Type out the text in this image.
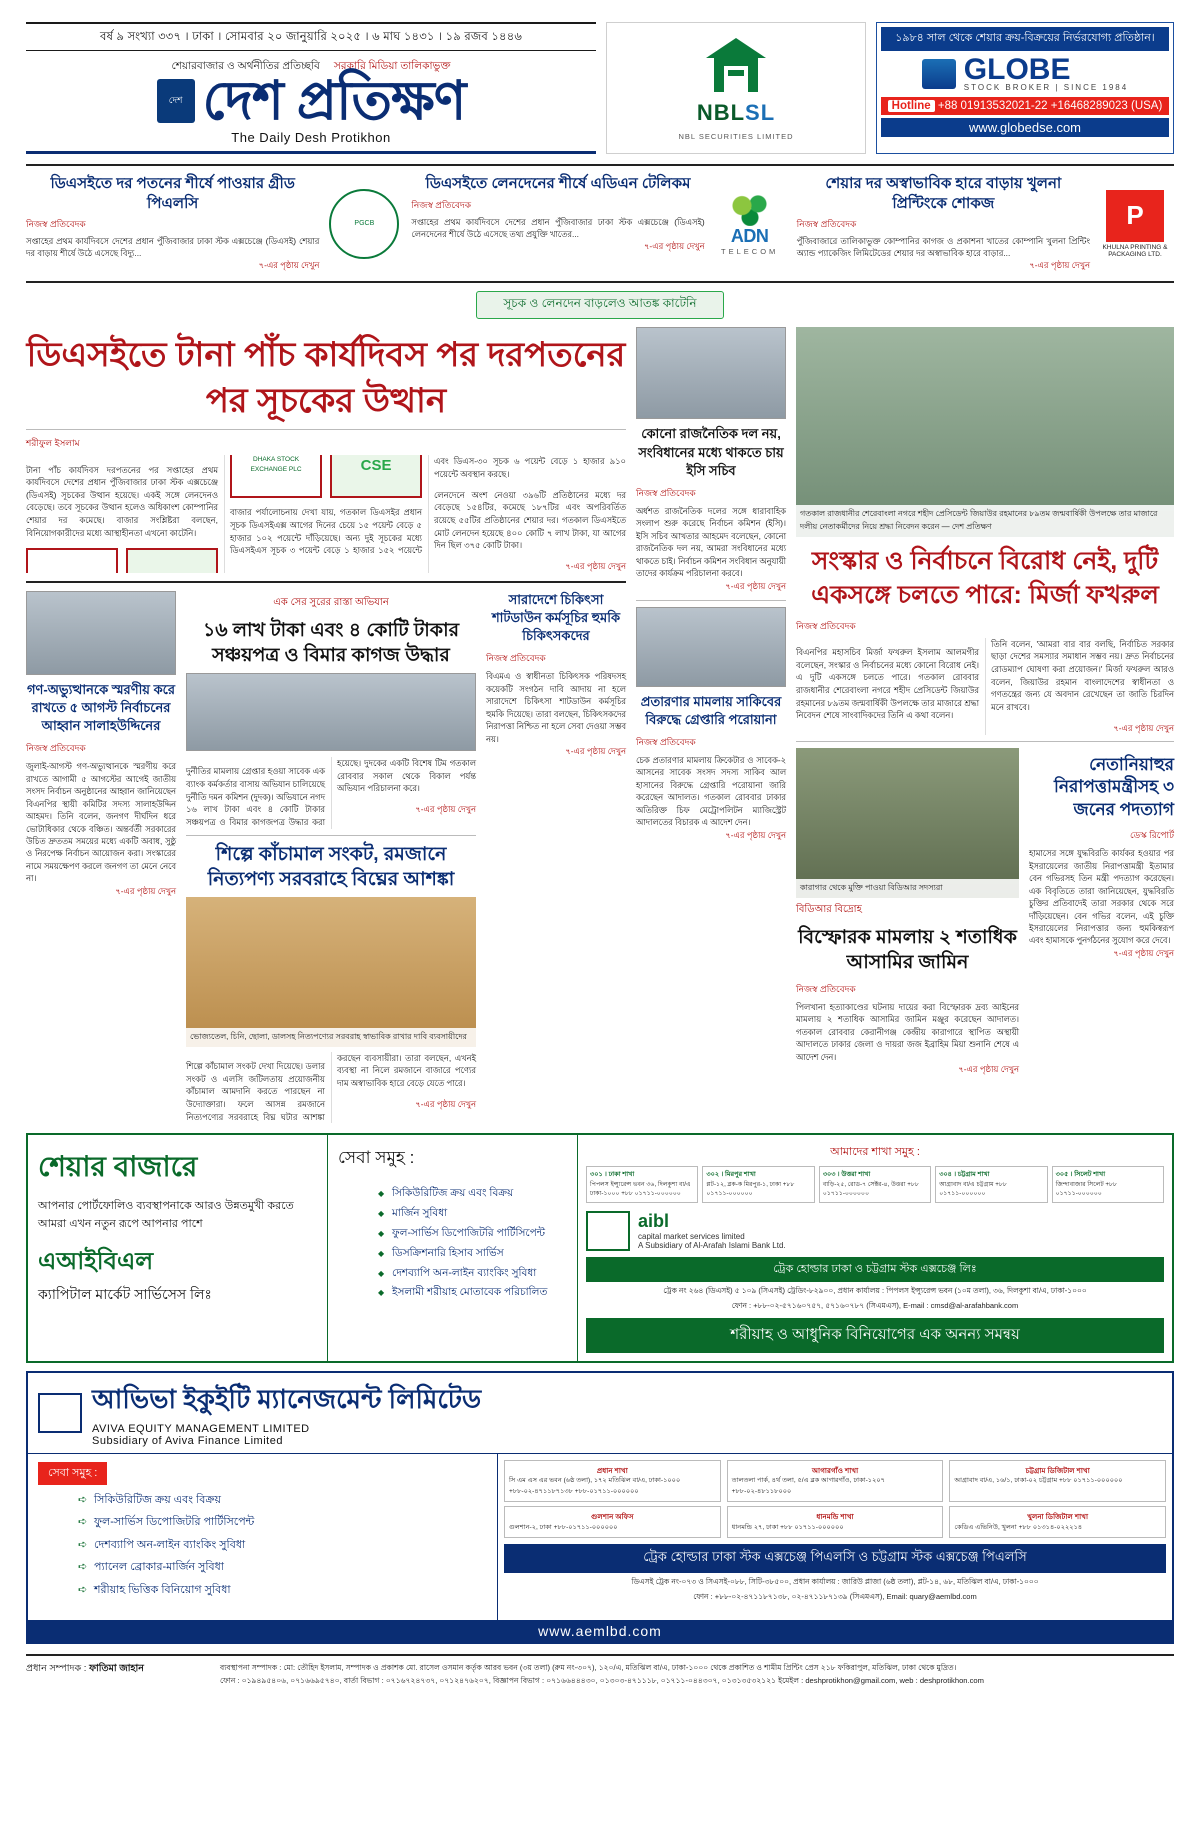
বর্ষ ৯ সংখ্যা ৩৩৭ । ঢাকা । সোমবার ২০ জানুয়ারি ২০২৫ । ৬ মাঘ ১৪৩১ । ১৯ রজব ১৪৪৬
শেয়ারবাজার ও অর্থনীতির প্রতিচ্ছবি সরকারি মিডিয়া তালিকাভুক্ত
দেশ দেশ প্রতিক্ষণ
The Daily Desh Protikhon
NBLSL
NBL SECURITIES LIMITED
১৯৮৪ সাল থেকে শেয়ার ক্রয়-বিক্রয়ের নির্ভরযোগ্য প্রতিষ্ঠান।
GLOBE
STOCK BROKER | SINCE 1984
Hotline +88 01913532021-22 +16468289023 (USA)
www.globedse.com
ডিএসইতে দর পতনের শীর্ষে পাওয়ার গ্রীড পিএলসি
নিজস্ব প্রতিবেদক
সপ্তাহের প্রথম কার্যদিবসে দেশের প্রধান পুঁজিবাজার ঢাকা স্টক এক্সচেঞ্জে (ডিএসই) শেয়ার দর বাড়ায় শীর্ষে উঠে এসেছে বিদ্যু...
৭-এর পৃষ্ঠায় দেখুন
PGCB
ডিএসইতে লেনদেনের শীর্ষে এডিএন টেলিকম
নিজস্ব প্রতিবেদক
সপ্তাহের প্রথম কার্যদিবসে দেশের প্রধান পুঁজিবাজার ঢাকা স্টক এক্সচেঞ্জে (ডিএসই) লেনদেনের শীর্ষে উঠে এসেছে তথ্য প্রযুক্তি খাতের...
৭-এর পৃষ্ঠায় দেখুন
ADN
TELECOM
শেয়ার দর অস্বাভাবিক হারে বাড়ায় খুলনা প্রিন্টিংকে শোকজ
নিজস্ব প্রতিবেদক
পুঁজিবাজারে তালিকাভুক্ত কোম্পানির কাগজ ও প্রকাশনা খাতের কোম্পানি খুলনা প্রিন্টিং অ্যান্ড প্যাকেজিং লিমিটেডের শেয়ার দর অস্বাভাবিক হারে বাড়ার...
৭-এর পৃষ্ঠায় দেখুন
P
KHULNA PRINTING & PACKAGING LTD.
সূচক ও লেনদেন বাড়লেও আতঙ্ক কাটেনি
ডিএসইতে টানা পাঁচ কার্যদিবস পর দরপতনের পর সূচকের উত্থান
শরীফুল ইসলাম

টানা পাঁচ কার্যদিবস দরপতনের পর সপ্তাহের প্রথম কার্যদিবসে দেশের প্রধান পুঁজিবাজার ঢাকা স্টক এক্সচেঞ্জে (ডিএসই) সূচকের উত্থান হয়েছে। একই সঙ্গে লেনদেনও বেড়েছে। তবে সূচকের উত্থান হলেও অধিকাংশ কোম্পানির শেয়ার দর কমেছে। বাজার সংশ্লিষ্টরা বলছেন, বিনিয়োগকারীদের মধ্যে আস্থাহীনতা এখনো কাটেনি।

DHAKA STOCK EXCHANGE PLC	CSE

বাজার পর্যালোচনায় দেখা যায়, গতকাল ডিএসইর প্রধান সূচক ডিএসইএক্স আগের দিনের চেয়ে ১৫ পয়েন্ট বেড়ে ৫ হাজার ১০২ পয়েন্টে দাঁড়িয়েছে। অন্য দুই সূচকের মধ্যে ডিএসইএস সূচক ৩ পয়েন্ট বেড়ে ১ হাজার ১৫২ পয়েন্টে এবং ডিএস-৩০ সূচক ৬ পয়েন্ট বেড়ে ১ হাজার ৯১০ পয়েন্টে অবস্থান করছে।

লেনদেনে অংশ নেওয়া ৩৯৬টি প্রতিষ্ঠানের মধ্যে দর বেড়েছে ১৫৪টির, কমেছে ১৮৭টির এবং অপরিবর্তিত রয়েছে ৫৫টির প্রতিষ্ঠানের শেয়ার দর। গতকাল ডিএসইতে মোট লেনদেন হয়েছে ৪০০ কোটি ৭ লাখ টাকা, যা আগের দিন ছিল ৩৭৫ কোটি টাকা।

৭-এর পৃষ্ঠায় দেখুন
গণ-অভ্যুত্থানকে স্মরণীয় করে রাখতে ৫ আগস্ট নির্বাচনের আহ্বান সালাহউদ্দিনের
নিজস্ব প্রতিবেদক
জুলাই-আগস্ট গণ-অভ্যুত্থানকে স্মরণীয় করে রাখতে আগামী ৫ আগস্টের আগেই জাতীয় সংসদ নির্বাচন অনুষ্ঠানের আহ্বান জানিয়েছেন বিএনপির স্থায়ী কমিটির সদস্য সালাহউদ্দিন আহমদ। তিনি বলেন, জনগণ দীর্ঘদিন ধরে ভোটাধিকার থেকে বঞ্চিত। অন্তর্বর্তী সরকারের উচিত দ্রুততম সময়ের মধ্যে একটি অবাধ, সুষ্ঠু ও নিরপেক্ষ নির্বাচন আয়োজন করা। সংস্কারের নামে সময়ক্ষেপণ করলে জনগণ তা মেনে নেবে না।
৭-এর পৃষ্ঠায় দেখুন
এক সের সুরের রাস্তা অভিযান
১৬ লাখ টাকা এবং ৪ কোটি টাকার সঞ্চয়পত্র ও বিমার কাগজ উদ্ধার

দুর্নীতির মামলায় গ্রেপ্তার হওয়া সাবেক এক ব্যাংক কর্মকর্তার বাসায় অভিযান চালিয়েছে দুর্নীতি দমন কমিশন (দুদক)। অভিযানে নগদ ১৬ লাখ টাকা এবং ৪ কোটি টাকার সঞ্চয়পত্র ও বিমার কাগজপত্র উদ্ধার করা হয়েছে। দুদকের একটি বিশেষ টিম গতকাল রোববার সকাল থেকে বিকাল পর্যন্ত অভিযান পরিচালনা করে।

৭-এর পৃষ্ঠায় দেখুন
শিল্পে কাঁচামাল সংকট, রমজানে নিত্যপণ্য সরবরাহে বিঘ্নের আশঙ্কা
ভোজ্যতেল, চিনি, ছোলা, ডালসহ নিত্যপণ্যের সরবরাহ স্বাভাবিক রাখার দাবি ব্যবসায়ীদের

শিল্পে কাঁচামাল সংকট দেখা দিয়েছে। ডলার সংকট ও এলসি জটিলতায় প্রয়োজনীয় কাঁচামাল আমদানি করতে পারছেন না উদ্যোক্তারা। ফলে আসন্ন রমজানে নিত্যপণ্যের সরবরাহে বিঘ্ন ঘটার আশঙ্কা করছেন ব্যবসায়ীরা। তারা বলছেন, এখনই ব্যবস্থা না নিলে রমজানে বাজারে পণ্যের দাম অস্বাভাবিক হারে বেড়ে যেতে পারে।

৭-এর পৃষ্ঠায় দেখুন
সারাদেশে চিকিৎসা শাটডাউন কর্মসূচির হুমকি চিকিৎসকদের
নিজস্ব প্রতিবেদক
বিএমএ ও স্বাধীনতা চিকিৎসক পরিষদসহ কয়েকটি সংগঠন দাবি আদায় না হলে সারাদেশে চিকিৎসা শাটডাউন কর্মসূচির হুমকি দিয়েছে। তারা বলছেন, চিকিৎসকদের নিরাপত্তা নিশ্চিত না হলে সেবা দেওয়া সম্ভব নয়।
৭-এর পৃষ্ঠায় দেখুন
কোনো রাজনৈতিক দল নয়, সংবিধানের মধ্যে থাকতে চায় ইসি সচিব
নিজস্ব প্রতিবেদক
অর্ধশত রাজনৈতিক দলের সঙ্গে ধারাবাহিক সংলাপ শুরু করেছে নির্বাচন কমিশন (ইসি)। ইসি সচিব আখতার আহমেদ বলেছেন, কোনো রাজনৈতিক দল নয়, আমরা সংবিধানের মধ্যে থাকতে চাই। নির্বাচন কমিশন সংবিধান অনুযায়ী তাদের কার্যক্রম পরিচালনা করবে।
৭-এর পৃষ্ঠায় দেখুন
প্রতারণার মামলায় সাকিবের বিরুদ্ধে গ্রেপ্তারি পরোয়ানা
নিজস্ব প্রতিবেদক
চেক প্রতারণার মামলায় ক্রিকেটার ও সাবেক-২ আসনের সাবেক সংসদ সদস্য সাকিব আল হাসানের বিরুদ্ধে গ্রেপ্তারি পরোয়ানা জারি করেছেন আদালত। গতকাল রোববার ঢাকার অতিরিক্ত চিফ মেট্রোপলিটন ম্যাজিস্ট্রেট আদালতের বিচারক এ আদেশ দেন।
৭-এর পৃষ্ঠায় দেখুন
গতকাল রাজধানীর শেরেবাংলা নগরে শহীদ প্রেসিডেন্ট জিয়াউর রহমানের ৮৯তম জন্মবার্ষিকী উপলক্ষে তার মাজারে দলীয় নেতাকর্মীদের নিয়ে শ্রদ্ধা নিবেদন করেন — দেশ প্রতিক্ষণ
সংস্কার ও নির্বাচনে বিরোধ নেই, দুটি একসঙ্গে চলতে পারে: মির্জা ফখরুল
নিজস্ব প্রতিবেদক

বিএনপির মহাসচিব মির্জা ফখরুল ইসলাম আলমগীর বলেছেন, সংস্কার ও নির্বাচনের মধ্যে কোনো বিরোধ নেই। এ দুটি একসঙ্গে চলতে পারে। গতকাল রোববার রাজধানীর শেরেবাংলা নগরে শহীদ প্রেসিডেন্ট জিয়াউর রহমানের ৮৯তম জন্মবার্ষিকী উপলক্ষে তার মাজারে শ্রদ্ধা নিবেদন শেষে সাংবাদিকদের তিনি এ কথা বলেন।

তিনি বলেন, 'আমরা বার বার বলছি, নির্বাচিত সরকার ছাড়া দেশের সমস্যার সমাধান সম্ভব নয়। দ্রুত নির্বাচনের রোডম্যাপ ঘোষণা করা প্রয়োজন।' মির্জা ফখরুল আরও বলেন, জিয়াউর রহমান বাংলাদেশের স্বাধীনতা ও গণতন্ত্রের জন্য যে অবদান রেখেছেন তা জাতি চিরদিন মনে রাখবে।

৭-এর পৃষ্ঠায় দেখুন
কারাগার থেকে মুক্তি পাওয়া বিডিআর সদস্যরা
বিডিআর বিদ্রোহ
বিস্ফোরক মামলায় ২ শতাধিক আসামির জামিন
নিজস্ব প্রতিবেদক
পিলখানা হত্যাকাণ্ডের ঘটনায় দায়ের করা বিস্ফোরক দ্রব্য আইনের মামলায় ২ শতাধিক আসামির জামিন মঞ্জুর করেছেন আদালত। গতকাল রোববার কেরানীগঞ্জ কেন্দ্রীয় কারাগারে স্থাপিত অস্থায়ী আদালতে ঢাকার জেলা ও দায়রা জজ ইব্রাহিম মিয়া শুনানি শেষে এ আদেশ দেন।
৭-এর পৃষ্ঠায় দেখুন
নেতানিয়াহুর নিরাপত্তামন্ত্রীসহ ৩ জনের পদত্যাগ
ডেস্ক রিপোর্ট
হামাসের সঙ্গে যুদ্ধবিরতি কার্যকর হওয়ার পর ইসরায়েলের জাতীয় নিরাপত্তামন্ত্রী ইতামার বেন গভিরসহ তিন মন্ত্রী পদত্যাগ করেছেন। এক বিবৃতিতে তারা জানিয়েছেন, যুদ্ধবিরতি চুক্তির প্রতিবাদেই তারা সরকার থেকে সরে দাঁড়িয়েছেন। বেন গভির বলেন, এই চুক্তি ইসরায়েলের নিরাপত্তার জন্য হুমকিস্বরূপ এবং হামাসকে পুনর্গঠনের সুযোগ করে দেবে।
৭-এর পৃষ্ঠায় দেখুন
শেয়ার বাজারে
আপনার পোর্টফোলিও ব্যবস্থাপনাকে আরও উন্নতমুখী করতে আমরা এখন নতুন রূপে আপনার পাশে
এআইবিএল
ক্যাপিটাল মার্কেট সার্ভিসেস লিঃ
সেবা সমুহ :
◆ সিকিউরিটিজ ক্রয় এবং বিক্রয়
◆ মার্জিন সুবিধা
◆ ফুল-সার্ভিস ডিপোজিটরি পার্টিসিপেন্ট
◆ ডিসক্রিশনারি হিসাব সার্ভিস
◆ দেশব্যাপি অন-লাইন ব্যাংকিং সুবিধা
◆ ইসলামী শরীয়াহ মোতাবেক পরিচালিত
আমাদের শাখা সমুহ :
৩০১ । ঢাকা শাখা
পিপলস ইন্স্যুরেন্স ভবন ৩৬, দিলকুশা বা/এ ঢাকা-১০০০ +৮৮ ০১৭১১-০০০০০০
৩০২ । মিরপুর শাখা
প্লট-১২, ব্লক-ক মিরপুর-১, ঢাকা +৮৮ ০১৭১১-০০০০০০
৩০৩ । উত্তরা শাখা
বাড়ি-২৫, রোড-৭ সেক্টর-৪, উত্তরা +৮৮ ০১৭১১-০০০০০০
৩০৪ । চট্টগ্রাম শাখা
আগ্রাবাদ বা/এ চট্টগ্রাম +৮৮ ০১৭১১-০০০০০০
৩০৫ । সিলেট শাখা
জিন্দাবাজার সিলেট +৮৮ ০১৭১১-০০০০০০
aibl
capital market services limited
A Subsidiary of Al-Arafah Islami Bank Ltd.
ট্রেক হোল্ডার ঢাকা ও চট্টগ্রাম স্টক এক্সচেঞ্জ লিঃ
ট্রেক নং ২৬৪ (ডিএসই) ৫ ১০৯ (সিএসই) ট্রেডিং-৮২৯০০, প্রধান কার্যালয় : পিপলস ইন্স্যুরেন্স ভবন (১০ম তলা), ৩৬, দিলকুশা বা/এ, ঢাকা-১০০০
ফোন : +৮৮-০২-৫৭১৬০৭৫৭, ৫৭১৬০৭৮৭ (সিএমএস), E-mail : cmsd@al-arafahbank.com
শরীয়াহ ও আধুনিক বিনিয়োগের এক অনন্য সমন্বয়
আভিভা ইকুইটি ম্যানেজমেন্ট লিমিটেড
AVIVA EQUITY MANAGEMENT LIMITED
Subsidiary of Aviva Finance Limited
সেবা সমুহ :
➪ সিকিউরিটিজ ক্রয় এবং বিক্রয়
➪ ফুল-সার্ভিস ডিপোজিটরি পার্টিসিপেন্ট
➪ দেশব্যাপি অন-লাইন ব্যাংকিং সুবিধা
➪ প্যানেল ব্রোকার-মার্জিন সুবিধা
➪ শরীয়াহ ভিত্তিক বিনিয়োগ সুবিধা
প্রধান শাখা
সি এম এস এর ভবন (৬ষ্ঠ তলা), ১৭২ মতিঝিল বা/এ, ঢাকা-১০০০ +৮৮-০২-৪৭১১৮৭১৩৮ +৮৮-০১৭১১-০০০০০০
আগারগাঁও শাখা
তালতলা পার্ক, ৪র্থ তলা, ৫/এ ব্লক আগারগাঁও, ঢাকা-১২০৭ +৮৮-০২-৪৮১১৮০০০
চট্টগ্রাম ডিজিটাল শাখা
আগ্রাবাদ বা/এ, ১৬/১, ঢাকা-০২ চট্টগ্রাম +৮৮ ০১৭১১-০০০০০০
গুলশান অফিস
গুলশান-২, ঢাকা +৮৮-০১৭১১-০০০০০০
ধানমন্ডি শাখা
ধানমন্ডি ২৭, ঢাকা +৮৮ ০১৭১১-০০০০০০
খুলনা ডিজিটাল শাখা
কেডিএ এভিনিউ, খুলনা +৮৮ ০১৩১৪-০২২২১৪
ট্রেক হোল্ডার ঢাকা স্টক এক্সচেঞ্জ পিএলসি ও চট্টগ্রাম স্টক এক্সচেঞ্জ পিএলসি
ডিএসই ট্রেক নং-০৭৩ ও সিএসই-০৮৮, সিটি-৩৮৫০০, প্রধান কার্যালয় : জারিউ প্লাজা (৬ষ্ঠ তলা), প্লট-১৪, ৬৮, মতিঝিল বা/এ, ঢাকা-১০০০
ফোন : +৮৮-০২-৪৭১১৮৭১৩৮, ০২-৪৭১১৮৭১৩৯ (সিএমএস), Email: quary@aemlbd.com
www.aemlbd.com
প্রধান সম্পাদক : ফাতিমা জাহান	ব্যবস্থাপনা সম্পাদক : মো: তৌহিদ ইসলাম, সম্পাদক ও প্রকাশক মো. রাসেল ওসমান কর্তৃক আরব ভবন (৩য় তলা) (রুম নং-৩০৭), ১২০/এ, মতিঝিল বা/এ, ঢাকা-১০০০ থেকে প্রকাশিত ও শামীম প্রিন্টিং প্রেস ২১৮ ফকিরাপুল, মতিঝিল, ঢাকা থেকে মুদ্রিত।
ফোন : ০১৯৪৯৫৪০৬, ০৭১৬৬৯৫৭৪০, বার্তা বিভাগ : ০৭১৬৭২৪৭৩৭, ০৭১২৪৭৬২০৭, বিজ্ঞাপন বিভাগ : ০৭১৬৬৪৪৪৩০, ০১৩০৩-৪৭১১১৮, ০১৭১১-০৪৪৩০৭, ০১৩১৩৫৩২১২১ ইমেইল : deshprotikhon@gmail.com, web : deshprotikhon.com
